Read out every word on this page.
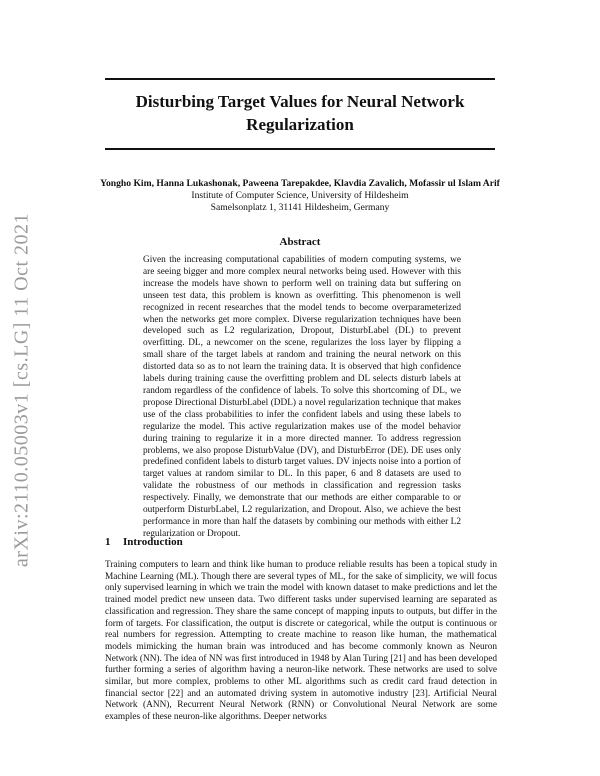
arXiv:2110.05003v1 [cs.LG] 11 Oct 2021
Disturbing Target Values for Neural Network Regularization
Yongho Kim, Hanna Lukashonak, Paweena Tarepakdee, Klavdia Zavalich, Mofassir ul Islam Arif
Institute of Computer Science, University of Hildesheim
Samelsonplatz 1, 31141 Hildesheim, Germany
Abstract

Given the increasing computational capabilities of modern computing systems, we are seeing bigger and more complex neural networks being used. However with this increase the models have shown to perform well on training data but suffering on unseen test data, this problem is known as overfitting. This phenomenon is well recognized in recent researches that the model tends to become overparameterized when the networks get more complex. Diverse regularization techniques have been developed such as L2 regularization, Dropout, DisturbLabel (DL) to prevent overfitting. DL, a newcomer on the scene, regularizes the loss layer by flipping a small share of the target labels at random and training the neural network on this distorted data so as to not learn the training data. It is observed that high confidence labels during training cause the overfitting problem and DL selects disturb labels at random regardless of the confidence of labels. To solve this shortcoming of DL, we propose Directional DisturbLabel (DDL) a novel regularization technique that makes use of the class probabilities to infer the confident labels and using these labels to regularize the model. This active regularization makes use of the model behavior during training to regularize it in a more directed manner. To address regression problems, we also propose DisturbValue (DV), and DisturbError (DE). DE uses only predefined confident labels to disturb target values. DV injects noise into a portion of target values at random similar to DL. In this paper, 6 and 8 datasets are used to validate the robustness of our methods in classification and regression tasks respectively. Finally, we demonstrate that our methods are either comparable to or outperform DisturbLabel, L2 regularization, and Dropout. Also, we achieve the best performance in more than half the datasets by combining our methods with either L2 regularization or Dropout.

1 Introduction

Training computers to learn and think like human to produce reliable results has been a topical study in Machine Learning (ML). Though there are several types of ML, for the sake of simplicity, we will focus only supervised learning in which we train the model with known dataset to make predictions and let the trained model predict new unseen data. Two different tasks under supervised learning are separated as classification and regression. They share the same concept of mapping inputs to outputs, but differ in the form of targets. For classification, the output is discrete or categorical, while the output is continuous or real numbers for regression. Attempting to create machine to reason like human, the mathematical models mimicking the human brain was introduced and has become commonly known as Neuron Network (NN). The idea of NN was first introduced in 1948 by Alan Turing [21] and has been developed further forming a series of algorithm having a neuron-like network. These networks are used to solve similar, but more complex, problems to other ML algorithms such as credit card fraud detection in financial sector [22] and an automated driving system in automotive industry [23]. Artificial Neural Network (ANN), Recurrent Neural Network (RNN) or Convolutional Neural Network are some examples of these neuron-like algorithms. Deeper networks
